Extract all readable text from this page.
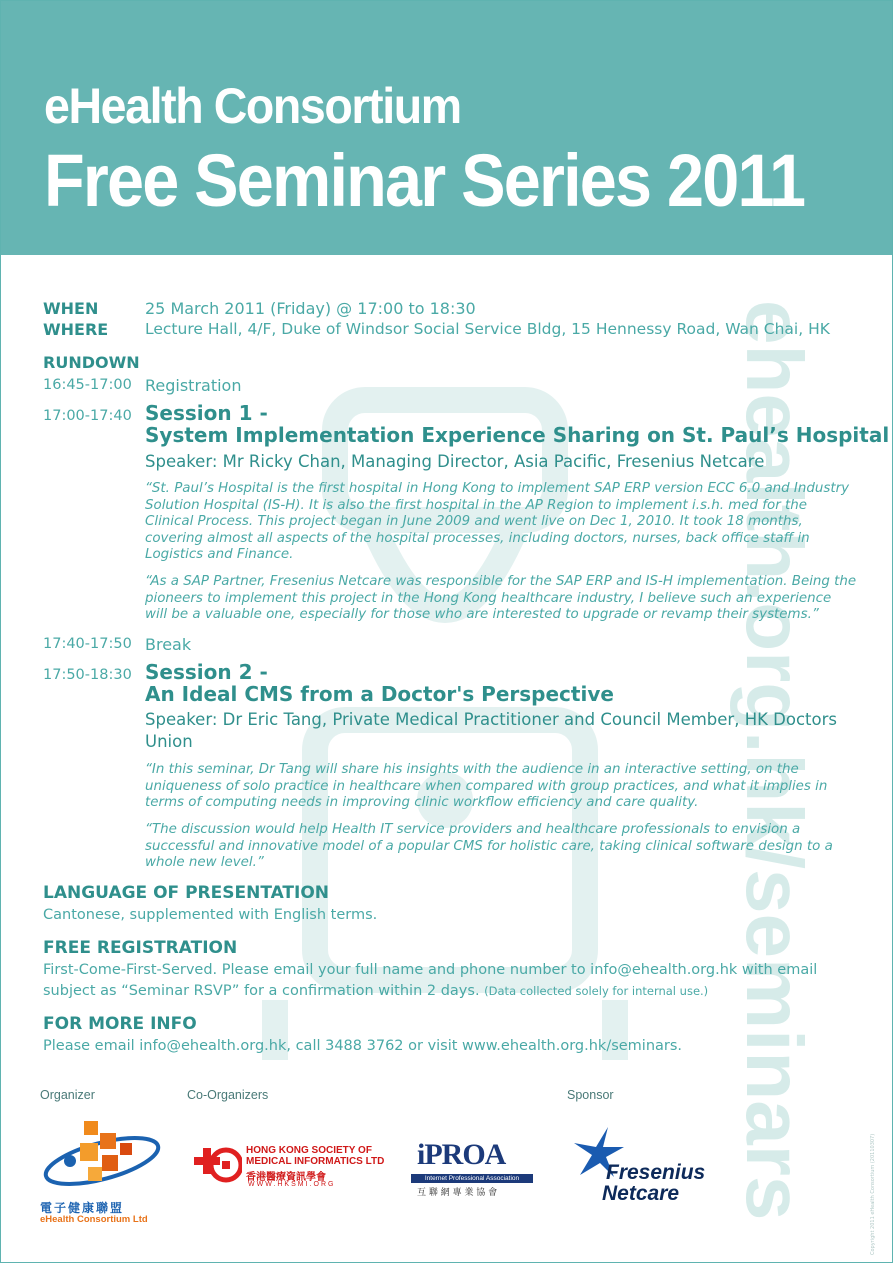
eHealth Consortium
Free Seminar Series 2011
ehealth.org.hk/seminars
WHEN	25 March 2011 (Friday) @ 17:00 to 18:30
WHERE Lecture Hall, 4/F, Duke of Windsor Social Service Bldg, 15 Hennessy Road, Wan Chai, HK
RUNDOWN
16:45-17:00 Registration
17:00-17:40 Session 1 -
System Implementation Experience Sharing on St. Paul’s Hospital
Speaker: Mr Ricky Chan, Managing Director, Asia Pacific, Fresenius Netcare
“St. Paul’s Hospital is the first hospital in Hong Kong to implement SAP ERP version ECC 6.0 and Industry Solution Hospital (IS-H). It is also the first hospital in the AP Region to implement i.s.h. med for the Clinical Process. This project began in June 2009 and went live on Dec 1, 2010. It took 18 months, covering almost all aspects of the hospital processes, including doctors, nurses, back office staff in Logistics and Finance.
“As a SAP Partner, Fresenius Netcare was responsible for the SAP ERP and IS-H implementation. Being the pioneers to implement this project in the Hong Kong healthcare industry, I believe such an experience will be a valuable one, especially for those who are interested to upgrade or revamp their systems.”
17:40-17:50 Break
17:50-18:30 Session 2 -
An Ideal CMS from a Doctor's Perspective
Speaker: Dr Eric Tang, Private Medical Practitioner and Council Member, HK Doctors Union
“In this seminar, Dr Tang will share his insights with the audience in an interactive setting, on the uniqueness of solo practice in healthcare when compared with group practices, and what it implies in terms of computing needs in improving clinic workflow efficiency and care quality.
“The discussion would help Health IT service providers and healthcare professionals to envision a successful and innovative model of a popular CMS for holistic care, taking clinical software design to a whole new level.”
LANGUAGE OF PRESENTATION
Cantonese, supplemented with English terms.
FREE REGISTRATION
First-Come-First-Served. Please email your full name and phone number to info@ehealth.org.hk with email subject as “Seminar RSVP” for a confirmation within 2 days. (Data collected solely for internal use.)
FOR MORE INFO
Please email info@ehealth.org.hk, call 3488 3762 or visit www.ehealth.org.hk/seminars.
Organizer	Co-Organizers	Sponsor
電子健康聯盟
eHealth Consortium Ltd
HONG KONG SOCIETY OF
MEDICAL INFORMATICS LTD
香港醫療資訊學會
WWW.HKSMI.ORG
iPROA
Internet Professional Association
互 聯 網 專 業 協 會
Fresenius
Netcare	Copyright 2011 eHealth Consortium (20110307)
